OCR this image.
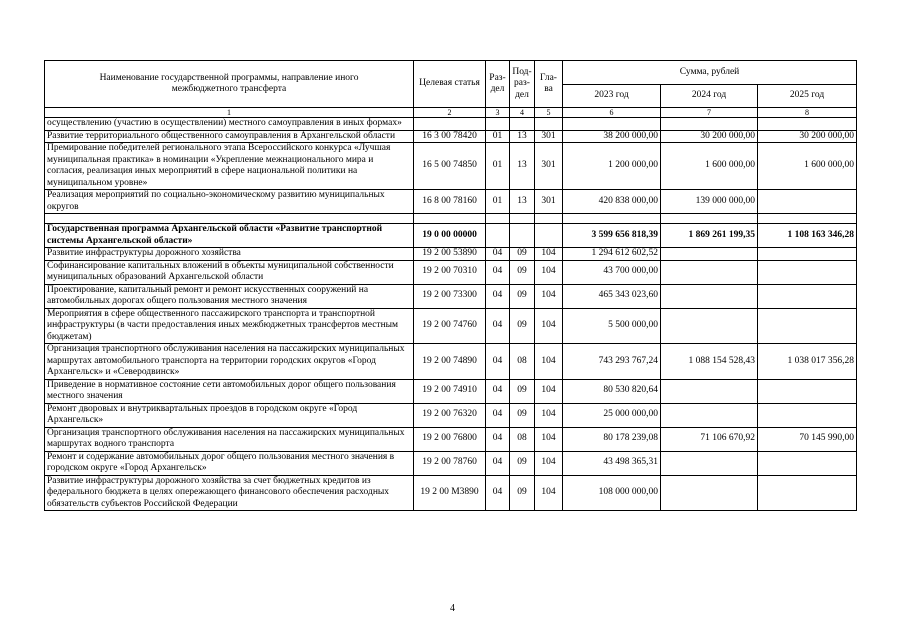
Наименование государственной программы, направление иного межбюджетного трансферта	Целевая статья	Раз-дел	Под-раз-дел	Гла-ва	Сумма, рублей		
					2023 год	2024 год	2025 год
1	2	3	4	5	6	7	8
осуществлению (участию в осуществлении) местного самоуправления в иных формах»							
Развитие территориального общественного самоуправления в Архангельской области	16 3 00 78420	01	13	301	38 200 000,00	30 200 000,00	30 200 000,00
Премирование победителей регионального этапа Всероссийского конкурса «Лучшая муниципальная практика» в номинации «Укрепление межнационального мира и согласия, реализация иных мероприятий в сфере национальной политики на муниципальном уровне»	16 5 00 74850	01	13	301	1 200 000,00	1 600 000,00	1 600 000,00
Реализация мероприятий по социально-экономическому развитию муниципальных округов	16 8 00 78160	01	13	301	420 838 000,00	139 000 000,00	

Государственная программа Архангельской области «Развитие транспортной системы Архангельской области»	19 0 00 00000				3 599 656 818,39	1 869 261 199,35	1 108 163 346,28
Развитие инфраструктуры дорожного хозяйства	19 2 00 53890	04	09	104	1 294 612 602,52		
Софинансирование капитальных вложений в объекты муниципальной собственности муниципальных образований Архангельской области	19 2 00 70310	04	09	104	43 700 000,00		
Проектирование, капитальный ремонт и ремонт искусственных сооружений на автомобильных дорогах общего пользования местного значения	19 2 00 73300	04	09	104	465 343 023,60		
Мероприятия в сфере общественного пассажирского транспорта и транспортной инфраструктуры (в части предоставления иных межбюджетных трансфертов местным бюджетам)	19 2 00 74760	04	09	104	5 500 000,00		
Организация транспортного обслуживания населения на пассажирских муниципальных маршрутах автомобильного транспорта на территории городских округов «Город Архангельск» и «Северодвинск»	19 2 00 74890	04	08	104	743 293 767,24	1 088 154 528,43	1 038 017 356,28
Приведение в нормативное состояние сети автомобильных дорог общего пользования местного значения	19 2 00 74910	04	09	104	80 530 820,64		
Ремонт дворовых и внутриквартальных проездов в городском округе «Город Архангельск»	19 2 00 76320	04	09	104	25 000 000,00		
Организация транспортного обслуживания населения на пассажирских муниципальных маршрутах водного транспорта	19 2 00 76800	04	08	104	80 178 239,08	71 106 670,92	70 145 990,00
Ремонт и содержание автомобильных дорог общего пользования местного значения в городском округе «Город Архангельск»	19 2 00 78760	04	09	104	43 498 365,31		
Развитие инфраструктуры дорожного хозяйства за счет бюджетных кредитов из федерального бюджета в целях опережающего финансового обеспечения расходных обязательств субъектов Российской Федерации	19 2 00 М3890	04	09	104	108 000 000,00		
4
